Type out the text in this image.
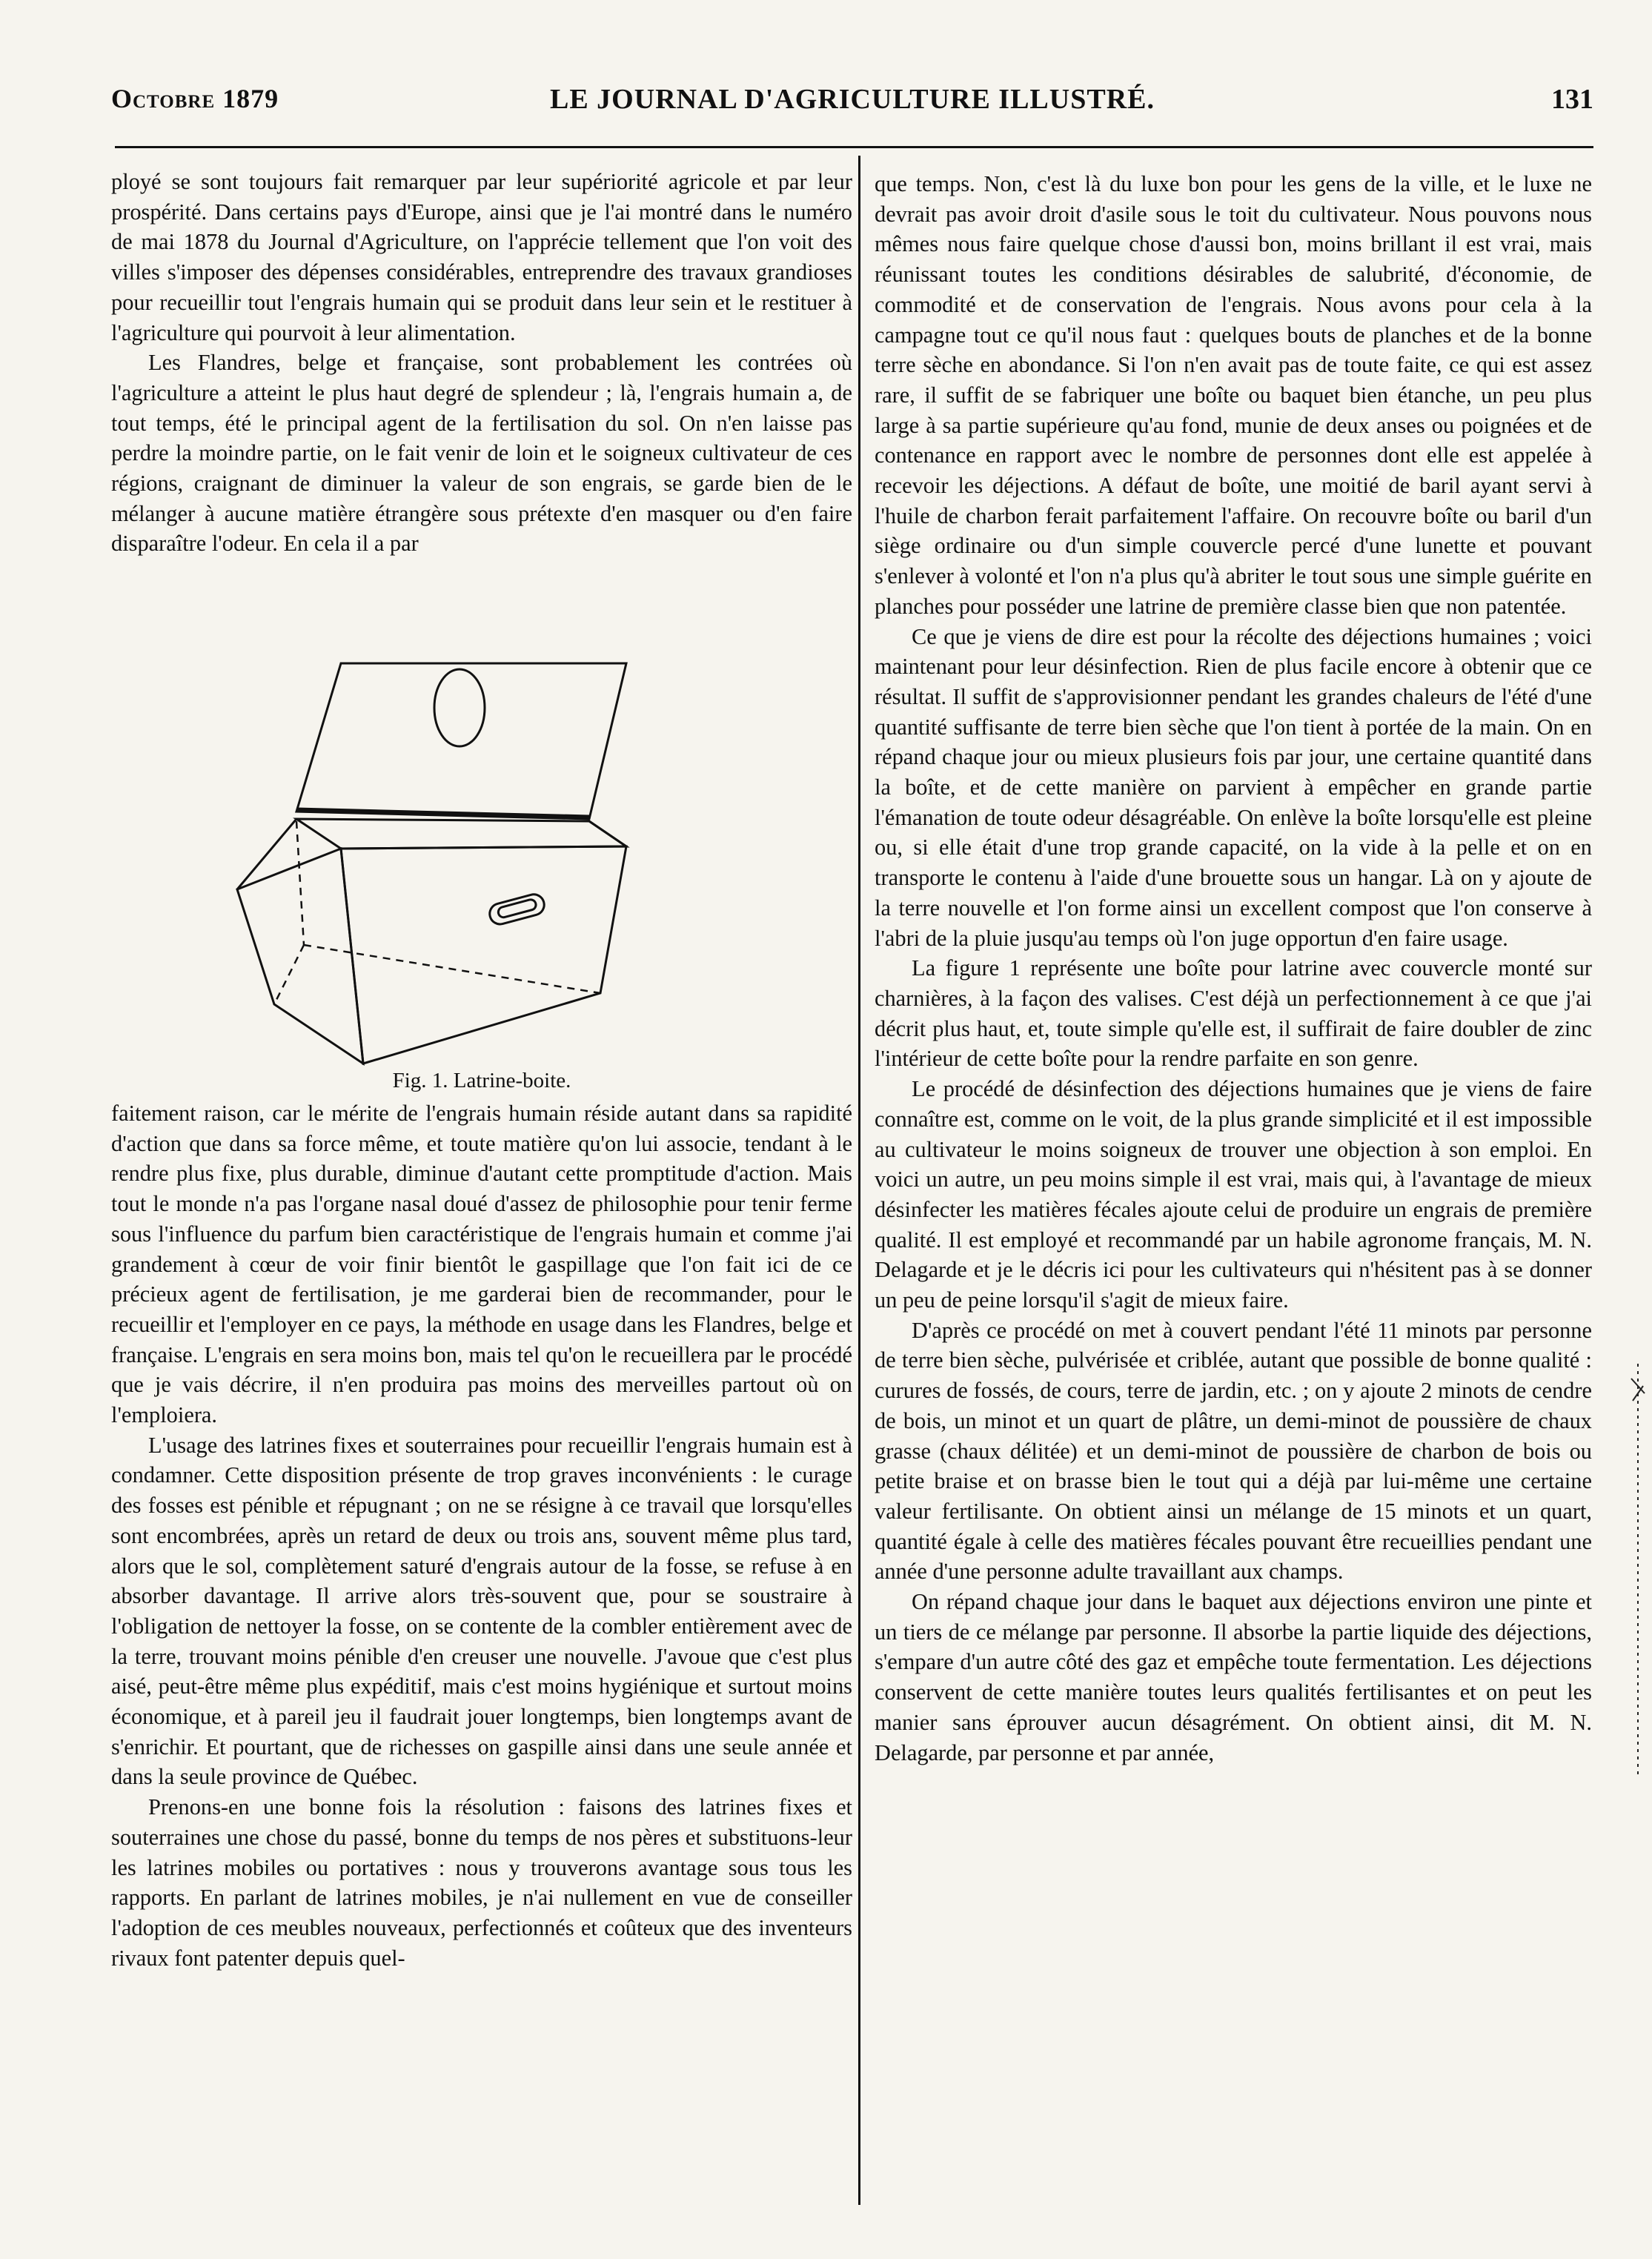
Octobre 1879	LE JOURNAL D'AGRICULTURE ILLUSTRÉ.	131

ployé se sont toujours fait remarquer par leur supériorité agricole et par leur prospérité. Dans certains pays d'Europe, ainsi que je l'ai montré dans le numéro de mai 1878 du Journal d'Agriculture, on l'apprécie tellement que l'on voit des villes s'imposer des dépenses considérables, entreprendre des travaux grandioses pour recueillir tout l'engrais humain qui se produit dans leur sein et le restituer à l'agriculture qui pourvoit à leur alimentation.

Les Flandres, belge et française, sont probablement les contrées où l'agriculture a atteint le plus haut degré de splendeur ; là, l'engrais humain a, de tout temps, été le principal agent de la fertilisation du sol. On n'en laisse pas perdre la moindre partie, on le fait venir de loin et le soigneux cultivateur de ces régions, craignant de diminuer la valeur de son engrais, se garde bien de le mélanger à aucune matière étrangère sous prétexte d'en masquer ou d'en faire disparaître l'odeur. En cela il a par

Fig. 1. Latrine-boite.

faitement raison, car le mérite de l'engrais humain réside autant dans sa rapidité d'action que dans sa force même, et toute matière qu'on lui associe, tendant à le rendre plus fixe, plus durable, diminue d'autant cette promptitude d'action. Mais tout le monde n'a pas l'organe nasal doué d'assez de philosophie pour tenir ferme sous l'influence du parfum bien caractéristique de l'engrais humain et comme j'ai grandement à cœur de voir finir bientôt le gaspillage que l'on fait ici de ce précieux agent de fertilisation, je me garderai bien de recommander, pour le recueillir et l'employer en ce pays, la méthode en usage dans les Flandres, belge et française. L'engrais en sera moins bon, mais tel qu'on le recueillera par le procédé que je vais décrire, il n'en produira pas moins des merveilles partout où on l'emploiera.

L'usage des latrines fixes et souterraines pour recueillir l'engrais humain est à condamner. Cette disposition présente de trop graves inconvénients : le curage des fosses est pénible et répugnant ; on ne se résigne à ce travail que lorsqu'elles sont encombrées, après un retard de deux ou trois ans, souvent même plus tard, alors que le sol, complètement saturé d'engrais autour de la fosse, se refuse à en absorber davantage. Il arrive alors très-souvent que, pour se soustraire à l'obligation de nettoyer la fosse, on se contente de la combler entièrement avec de la terre, trouvant moins pénible d'en creuser une nouvelle. J'avoue que c'est plus aisé, peut-être même plus expéditif, mais c'est moins hygiénique et surtout moins économique, et à pareil jeu il faudrait jouer longtemps, bien longtemps avant de s'enrichir. Et pourtant, que de richesses on gaspille ainsi dans une seule année et dans la seule province de Québec.

Prenons-en une bonne fois la résolution : faisons des latrines fixes et souterraines une chose du passé, bonne du temps de nos pères et substituons-leur les latrines mobiles ou portatives : nous y trouverons avantage sous tous les rapports. En parlant de latrines mobiles, je n'ai nullement en vue de conseiller l'adoption de ces meubles nouveaux, perfectionnés et coûteux que des inventeurs rivaux font patenter depuis quel-

que temps. Non, c'est là du luxe bon pour les gens de la ville, et le luxe ne devrait pas avoir droit d'asile sous le toit du cultivateur. Nous pouvons nous mêmes nous faire quelque chose d'aussi bon, moins brillant il est vrai, mais réunissant toutes les conditions désirables de salubrité, d'économie, de commodité et de conservation de l'engrais. Nous avons pour cela à la campagne tout ce qu'il nous faut : quelques bouts de planches et de la bonne terre sèche en abondance. Si l'on n'en avait pas de toute faite, ce qui est assez rare, il suffit de se fabriquer une boîte ou baquet bien étanche, un peu plus large à sa partie supérieure qu'au fond, munie de deux anses ou poignées et de contenance en rapport avec le nombre de personnes dont elle est appelée à recevoir les déjections. A défaut de boîte, une moitié de baril ayant servi à l'huile de charbon ferait parfaitement l'affaire. On recouvre boîte ou baril d'un siège ordinaire ou d'un simple couvercle percé d'une lunette et pouvant s'enlever à volonté et l'on n'a plus qu'à abriter le tout sous une simple guérite en planches pour posséder une latrine de première classe bien que non patentée.

Ce que je viens de dire est pour la récolte des déjections humaines ; voici maintenant pour leur désinfection. Rien de plus facile encore à obtenir que ce résultat. Il suffit de s'approvisionner pendant les grandes chaleurs de l'été d'une quantité suffisante de terre bien sèche que l'on tient à portée de la main. On en répand chaque jour ou mieux plusieurs fois par jour, une certaine quantité dans la boîte, et de cette manière on parvient à empêcher en grande partie l'émanation de toute odeur désagréable. On enlève la boîte lorsqu'elle est pleine ou, si elle était d'une trop grande capacité, on la vide à la pelle et on en transporte le contenu à l'aide d'une brouette sous un hangar. Là on y ajoute de la terre nouvelle et l'on forme ainsi un excellent compost que l'on conserve à l'abri de la pluie jusqu'au temps où l'on juge opportun d'en faire usage.

La figure 1 représente une boîte pour latrine avec couvercle monté sur charnières, à la façon des valises. C'est déjà un perfectionnement à ce que j'ai décrit plus haut, et, toute simple qu'elle est, il suffirait de faire doubler de zinc l'intérieur de cette boîte pour la rendre parfaite en son genre.

Le procédé de désinfection des déjections humaines que je viens de faire connaître est, comme on le voit, de la plus grande simplicité et il est impossible au cultivateur le moins soigneux de trouver une objection à son emploi. En voici un autre, un peu moins simple il est vrai, mais qui, à l'avantage de mieux désinfecter les matières fécales ajoute celui de produire un engrais de première qualité. Il est employé et recommandé par un habile agronome français, M. N. Delagarde et je le décris ici pour les cultivateurs qui n'hésitent pas à se donner un peu de peine lorsqu'il s'agit de mieux faire.

D'après ce procédé on met à couvert pendant l'été 11 minots par personne de terre bien sèche, pulvérisée et criblée, autant que possible de bonne qualité : curures de fossés, de cours, terre de jardin, etc. ; on y ajoute 2 minots de cendre de bois, un minot et un quart de plâtre, un demi-minot de poussière de chaux grasse (chaux délitée) et un demi-minot de poussière de charbon de bois ou petite braise et on brasse bien le tout qui a déjà par lui-même une certaine valeur fertilisante. On obtient ainsi un mélange de 15 minots et un quart, quantité égale à celle des matières fécales pouvant être recueillies pendant une année d'une personne adulte travaillant aux champs.

On répand chaque jour dans le baquet aux déjections environ une pinte et un tiers de ce mélange par personne. Il absorbe la partie liquide des déjections, s'empare d'un autre côté des gaz et empêche toute fermentation. Les déjections conservent de cette manière toutes leurs qualités fertilisantes et on peut les manier sans éprouver aucun désagrément. On obtient ainsi, dit M. N. Delagarde, par personne et par année,
